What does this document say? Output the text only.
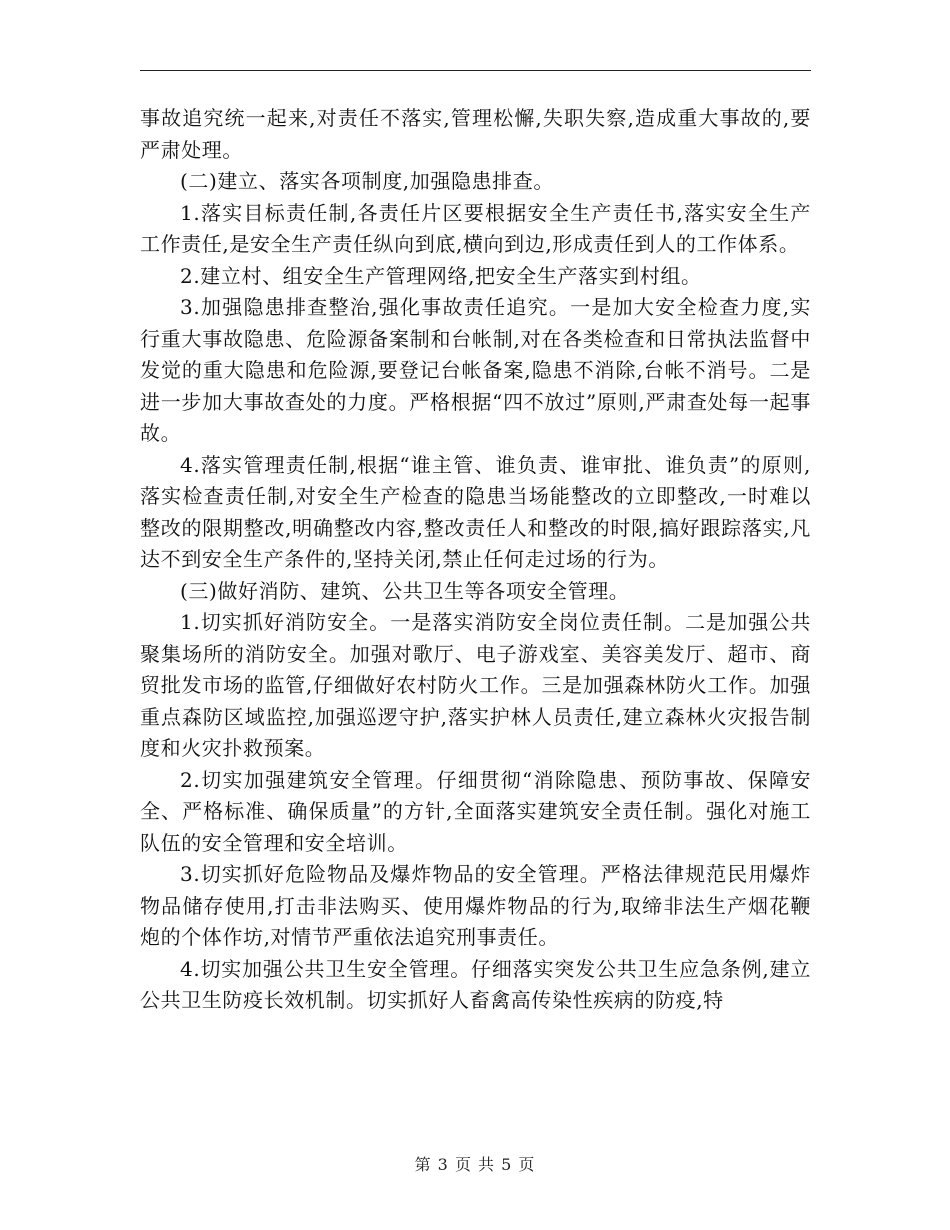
事故追究统一起来,对责任不落实,管理松懈,失职失察,造成重大事故的,要严肃处理。

(二)建立、落实各项制度,加强隐患排查。

1.落实目标责任制,各责任片区要根据安全生产责任书,落实安全生产工作责任,是安全生产责任纵向到底,横向到边,形成责任到人的工作体系。

2.建立村、组安全生产管理网络,把安全生产落实到村组。

3.加强隐患排查整治,强化事故责任追究。一是加大安全检查力度,实行重大事故隐患、危险源备案制和台帐制,对在各类检查和日常执法监督中发觉的重大隐患和危险源,要登记台帐备案,隐患不消除,台帐不消号。二是进一步加大事故查处的力度。严格根据“四不放过”原则,严肃查处每一起事故。

4.落实管理责任制,根据“谁主管、谁负责、谁审批、谁负责”的原则,落实检查责任制,对安全生产检查的隐患当场能整改的立即整改,一时难以整改的限期整改,明确整改内容,整改责任人和整改的时限,搞好跟踪落实,凡达不到安全生产条件的,坚持关闭,禁止任何走过场的行为。

(三)做好消防、建筑、公共卫生等各项安全管理。

1.切实抓好消防安全。一是落实消防安全岗位责任制。二是加强公共聚集场所的消防安全。加强对歌厅、电子游戏室、美容美发厅、超市、商贸批发市场的监管,仔细做好农村防火工作。三是加强森林防火工作。加强重点森防区域监控,加强巡逻守护,落实护林人员责任,建立森林火灾报告制度和火灾扑救预案。

2.切实加强建筑安全管理。仔细贯彻“消除隐患、预防事故、保障安全、严格标准、确保质量”的方针,全面落实建筑安全责任制。强化对施工队伍的安全管理和安全培训。

3.切实抓好危险物品及爆炸物品的安全管理。严格法律规范民用爆炸物品储存使用,打击非法购买、使用爆炸物品的行为,取缔非法生产烟花鞭炮的个体作坊,对情节严重依法追究刑事责任。

4.切实加强公共卫生安全管理。仔细落实突发公共卫生应急条例,建立公共卫生防疫长效机制。切实抓好人畜禽高传染性疾病的防疫,特

第 3 页 共 5 页
